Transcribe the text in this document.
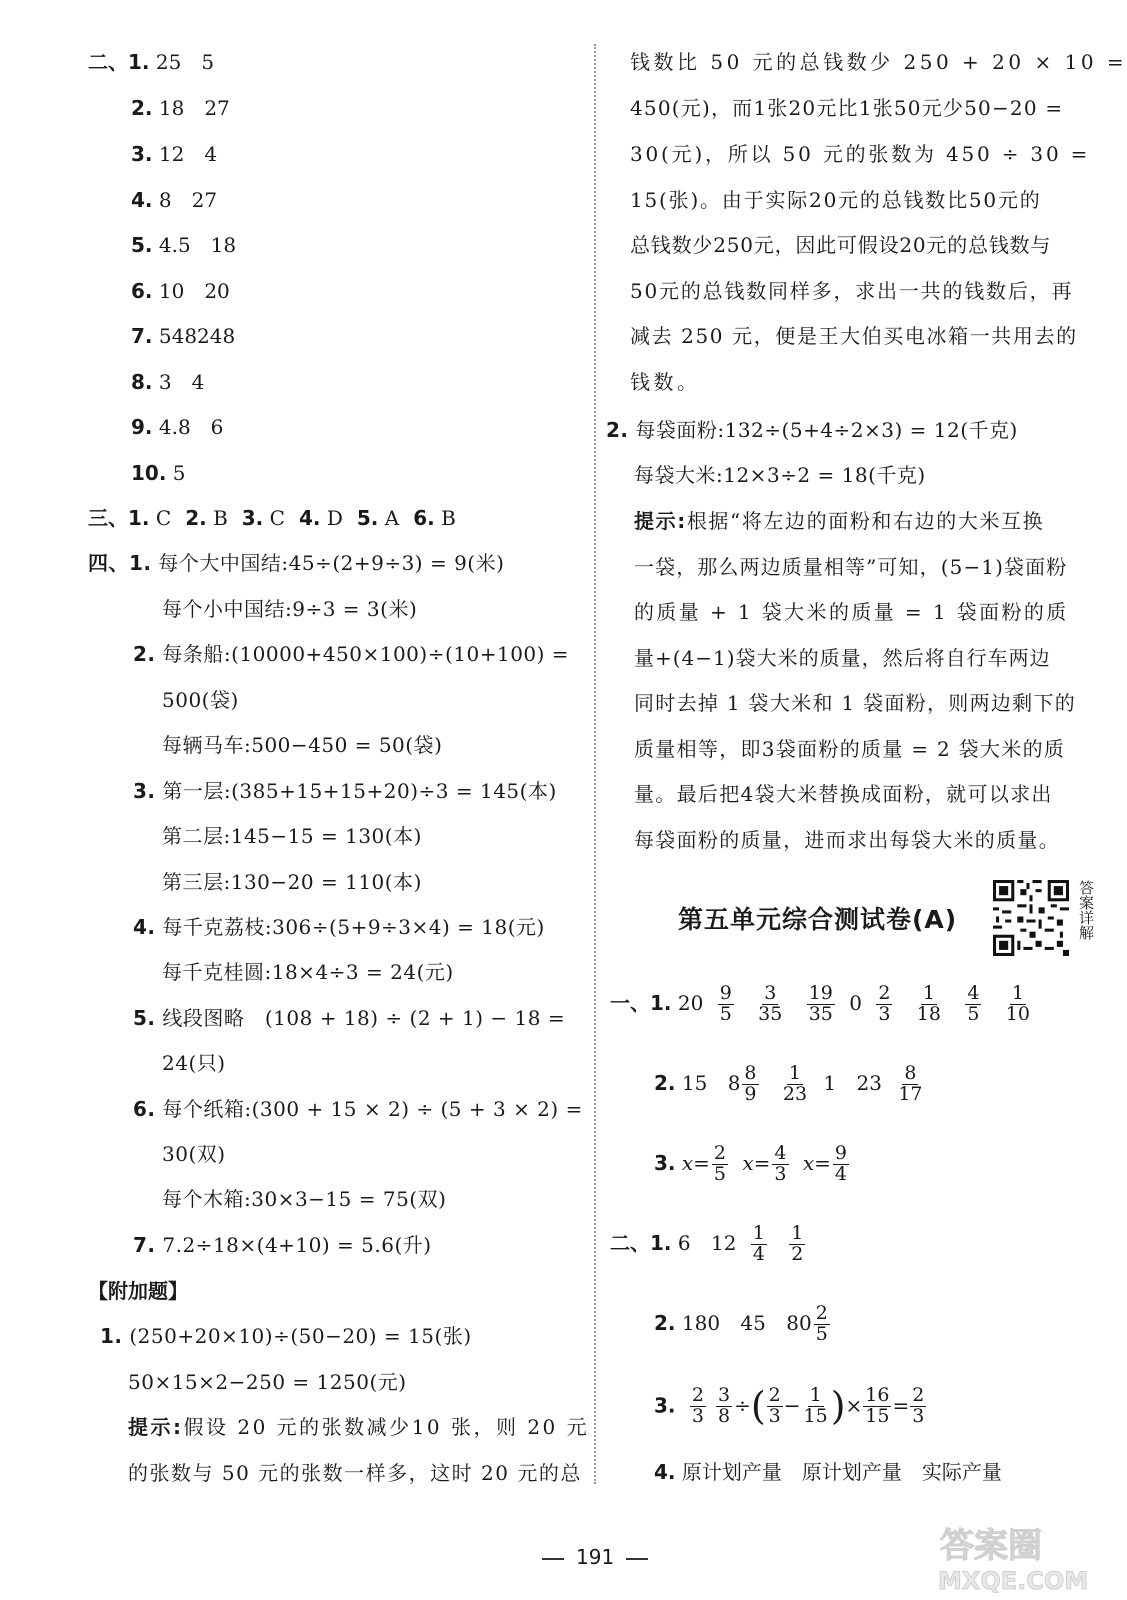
二、1. 25　5
2. 18　27
3. 12　4
4. 8　27
5. 4.5　18
6. 10　20
7. 548248
8. 3　4
9. 4.8　6
10. 5
三、1. C 2. B 3. C 4. D 5. A 6. B
四、1. 每个大中国结:45÷(2+9÷3) = 9(米)
每个小中国结:9÷3 = 3(米)
2. 每条船:(10000+450×100)÷(10+100) =
500(袋)
每辆马车:500−450 = 50(袋)
3. 第一层:(385+15+15+20)÷3 = 145(本)
第二层:145−15 = 130(本)
第三层:130−20 = 110(本)
4. 每千克荔枝:306÷(5+9÷3×4) = 18(元)
每千克桂圆:18×4÷3 = 24(元)
5. 线段图略　(108 + 18) ÷ (2 + 1) − 18 =
24(只)
6. 每个纸箱:(300 + 15 × 2) ÷ (5 + 3 × 2) =
30(双)
每个木箱:30×3−15 = 75(双)
7. 7.2÷18×(4+10) = 5.6(升)
【附加题】
1. (250+20×10)÷(50−20) = 15(张)
50×15×2−250 = 1250(元)
提示:假设 20 元的张数减少10 张，则 20 元
的张数与 50 元的张数一样多，这时 20 元的总
钱数比 50 元的总钱数少 250 + 20 × 10 =
450(元)，而1张20元比1张50元少50−20 =
30(元)，所以 50 元的张数为 450 ÷ 30 =
15(张)。由于实际20元的总钱数比50元的
总钱数少250元，因此可假设20元的总钱数与
50元的总钱数同样多，求出一共的钱数后，再
减去 250 元，便是王大伯买电冰箱一共用去的
钱数。
2. 每袋面粉:132÷(5+4÷2×3) = 12(千克)
每袋大米:12×3÷2 = 18(千克)
提示:根据“将左边的面粉和右边的大米互换
一袋，那么两边质量相等”可知，(5−1)袋面粉
的质量 + 1 袋大米的质量 = 1 袋面粉的质
量+(4−1)袋大米的质量，然后将自行车两边
同时去掉 1 袋大米和 1 袋面粉，则两边剩下的
质量相等，即3袋面粉的质量 = 2 袋大米的质
量。最后把4袋大米替换成面粉，就可以求出
每袋面粉的质量，进而求出每袋大米的质量。
第五单元综合测试卷(A)	答案详解
一、1. $20 \frac{9}{5}$
$\frac{3}{35}$
$\frac{19}{35} 0 \frac{2}{3}$
$\frac{1}{18}$
$\frac{4}{5}$
$\frac{1}{10}$
2. 15 $8 \frac{8}{9}$
$\frac{1}{23} 1$ $23 \frac{8}{17}$
3. $x= \frac{2}{5} x= \frac{4}{3} x= \frac{9}{4}$
二、1. 6 $12 \frac{1}{4}$
$\frac{1}{2}$
2. 180 45 $80 \frac{2}{5}$
3. $\frac{2}{3} \frac{3}{8}$ ÷( $\frac{2}{3} - \frac{1}{15}$ )× $\frac{16}{15} = \frac{2}{3}$
4. 原计划产量　原计划产量　实际产量
191	答案圈
MXQE.COM
